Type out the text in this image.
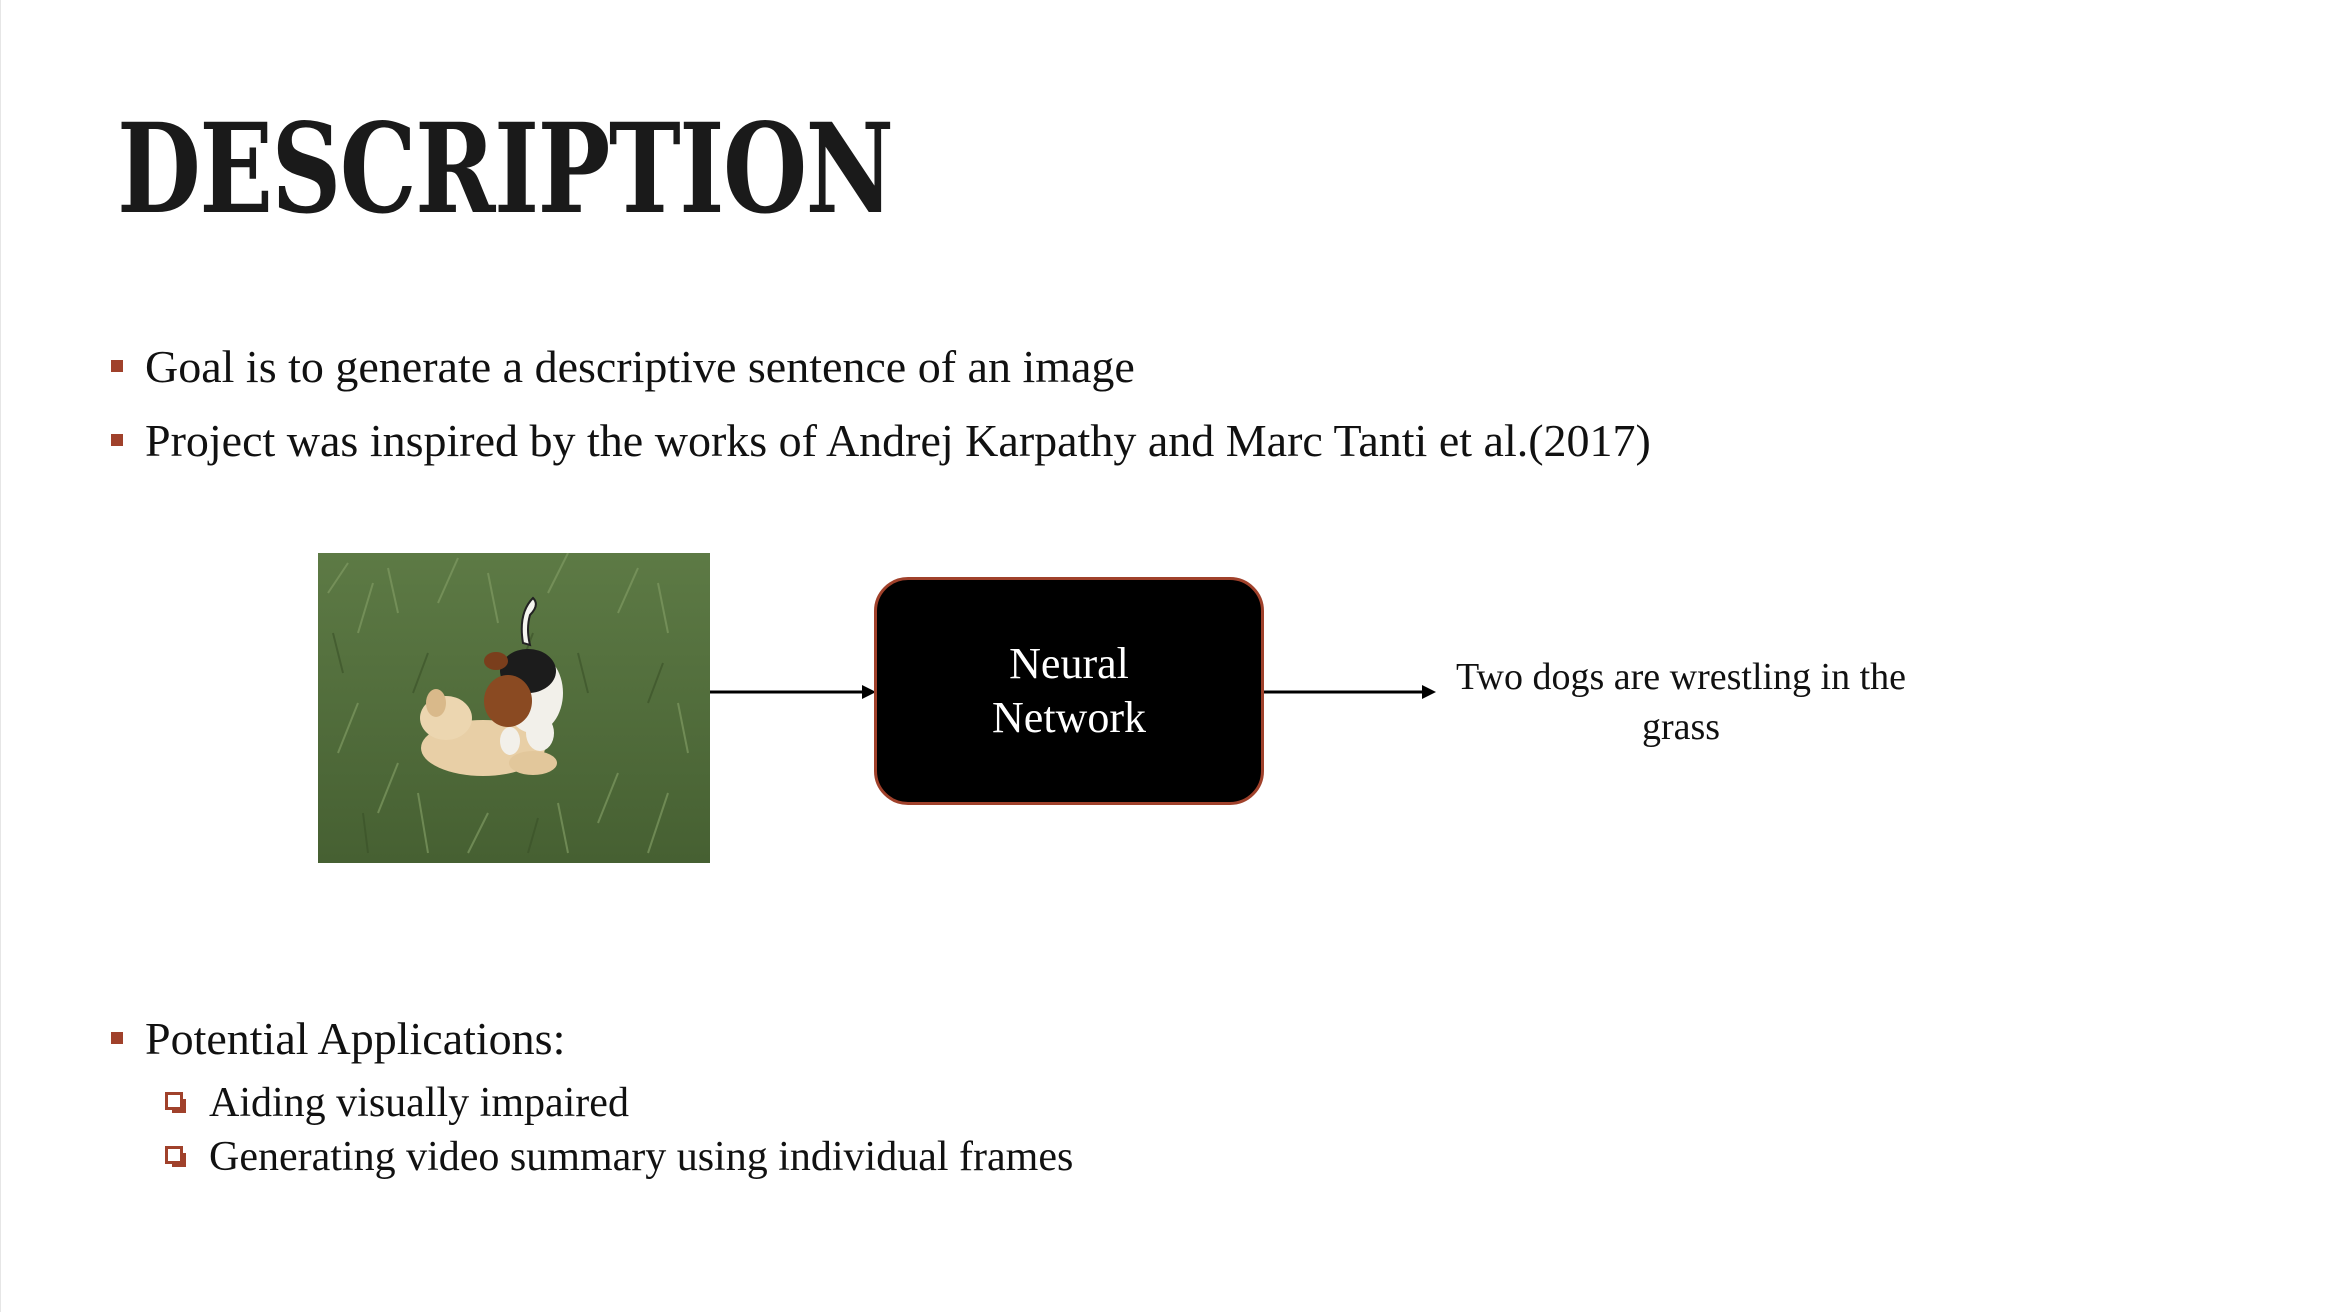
DESCRIPTION
Goal is to generate a descriptive sentence of an image
Project was inspired by the works of Andrej Karpathy and Marc Tanti et al.(2017)
Neural Network
Two dogs are wrestling in the grass
Potential Applications:
Aiding visually impaired
Generating video summary using individual frames
